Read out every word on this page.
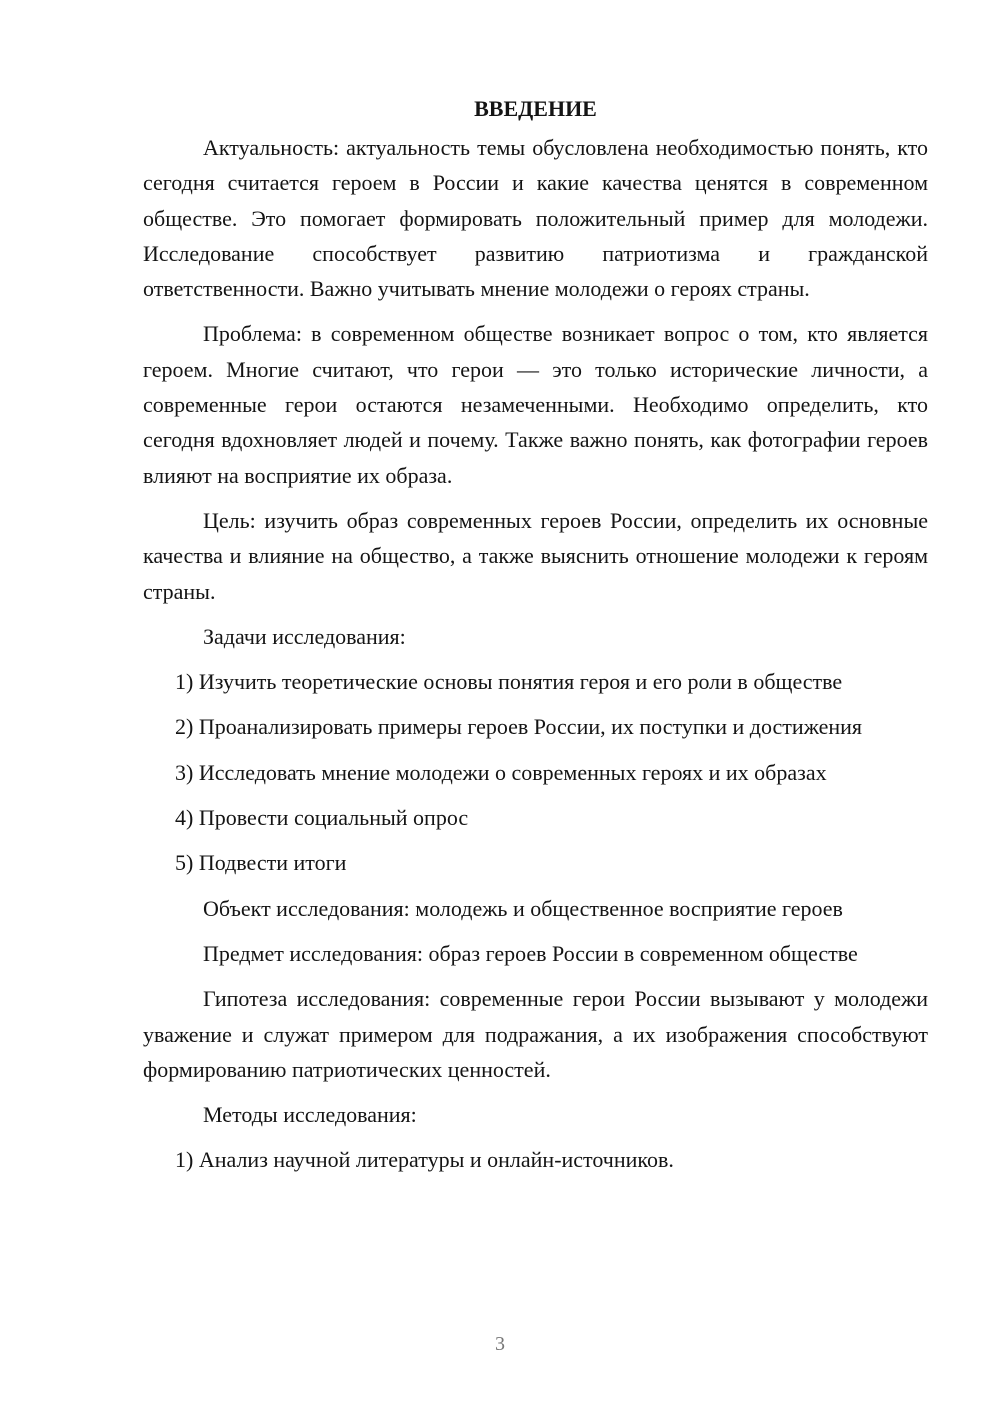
ВВЕДЕНИЕ

Актуальность: актуальность темы обусловлена необходимостью понять, кто сегодня считается героем в России и какие качества ценятся в современном обществе. Это помогает формировать положительный пример для молодежи. Исследование способствует развитию патриотизма и гражданской ответственности. Важно учитывать мнение молодежи о героях страны.

Проблема: в современном обществе возникает вопрос о том, кто является героем. Многие считают, что герои — это только исторические личности, а современные герои остаются незамеченными. Необходимо определить, кто сегодня вдохновляет людей и почему. Также важно понять, как фотографии героев влияют на восприятие их образа.

Цель: изучить образ современных героев России, определить их основные качества и влияние на общество, а также выяснить отношение молодежи к героям страны.

Задачи исследования:

1) Изучить теоретические основы понятия героя и его роли в обществе

2) Проанализировать примеры героев России, их поступки и достижения

3) Исследовать мнение молодежи о современных героях и их образах

4) Провести социальный опрос

5) Подвести итоги

Объект исследования: молодежь и общественное восприятие героев

Предмет исследования: образ героев России в современном обществе

Гипотеза исследования: современные герои России вызывают у молодежи уважение и служат примером для подражания, а их изображения способствуют формированию патриотических ценностей.

Методы исследования:

1) Анализ научной литературы и онлайн-источников.

3
